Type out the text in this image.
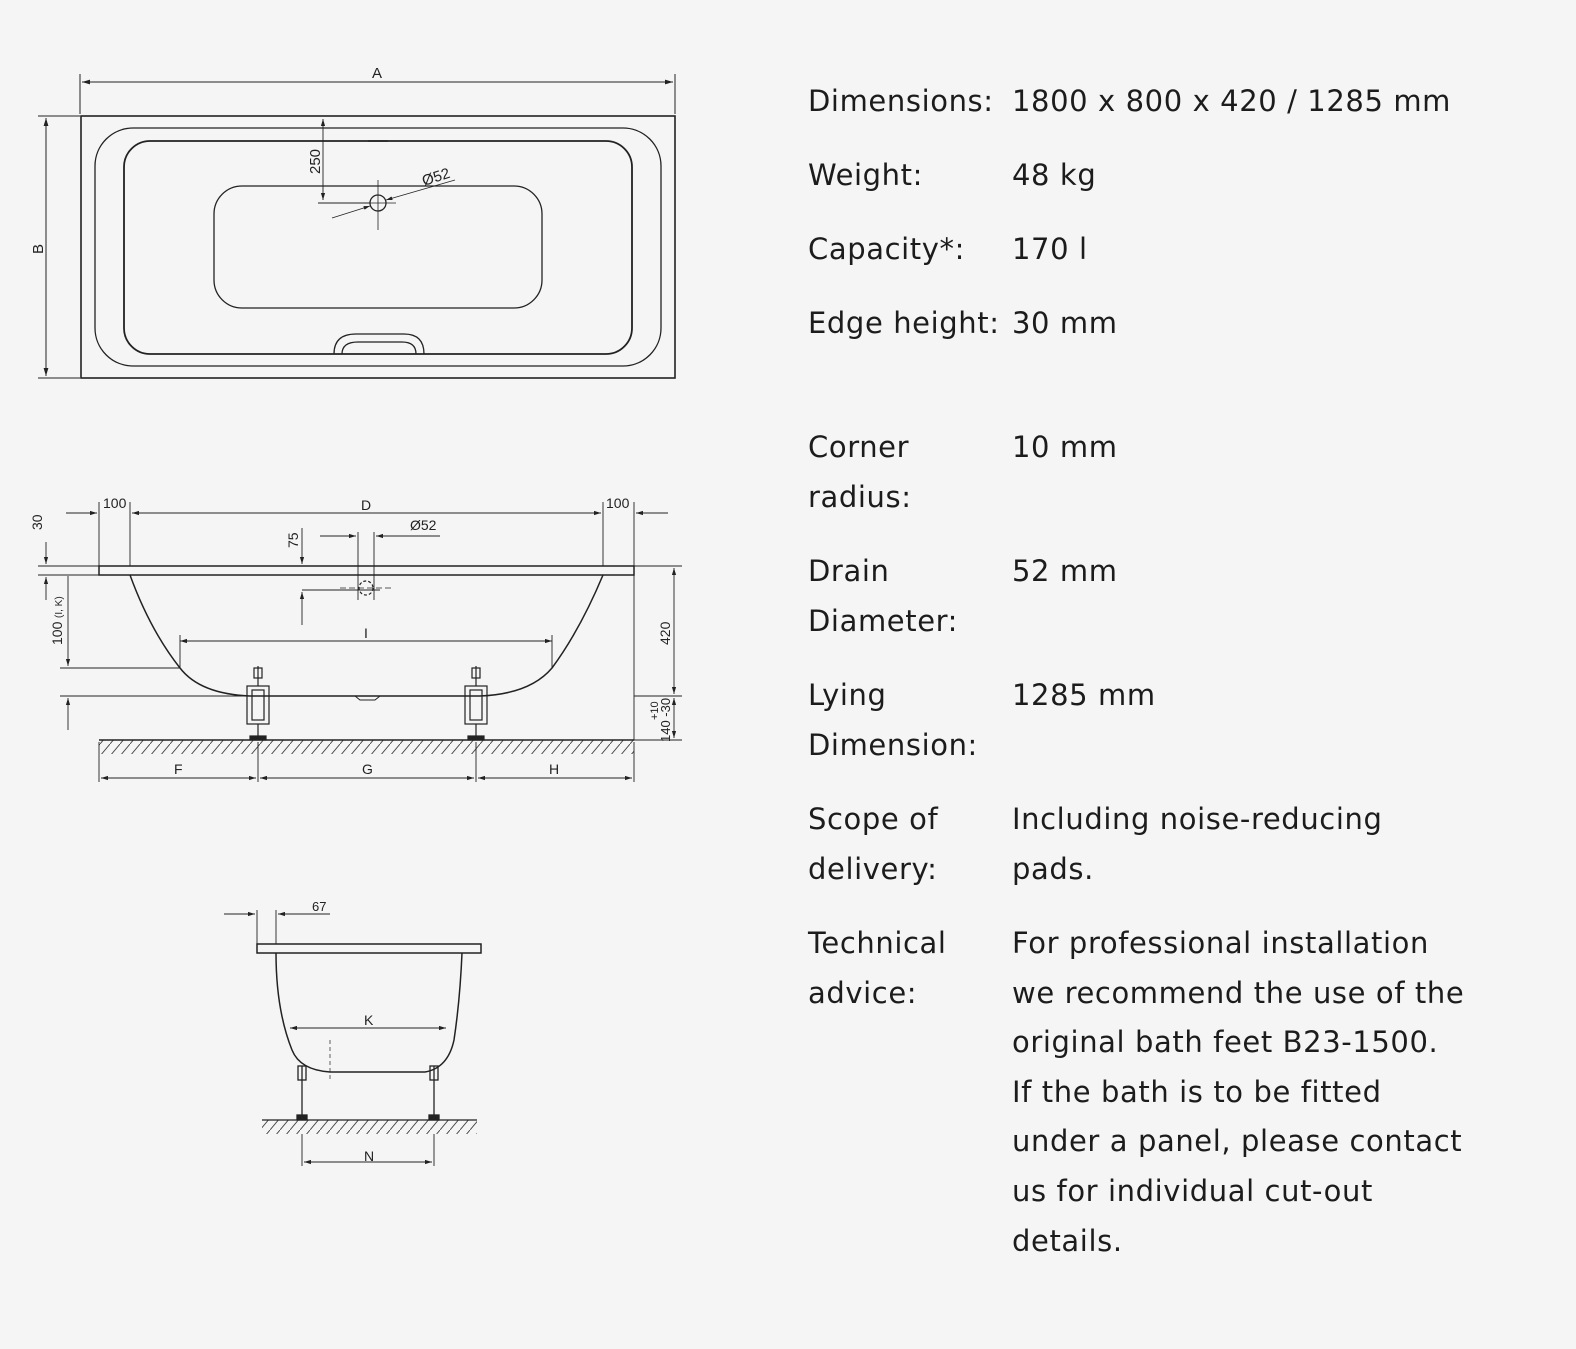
A
B
250
Ø52
100	D	100
Ø52
30
75
I	420
100
(I, K)
+10
140 -30
F	G	H
67
K
N
Dimensions: 1800 x 800 x 420 / 1285 mm
Weight:	48 kg
Capacity*:	170 l
Edge height: 30 mm
Corner radius:
10 mm
Drain Diameter:
52 mm
Lying Dimension:
1285 mm
Scope of delivery:
Including noise-reducing pads.
Technical advice:
For professional installation we recommend the use of the original bath feet B23-1500.
If the bath is to be fitted under a panel, please contact us for individual cut-out details.
